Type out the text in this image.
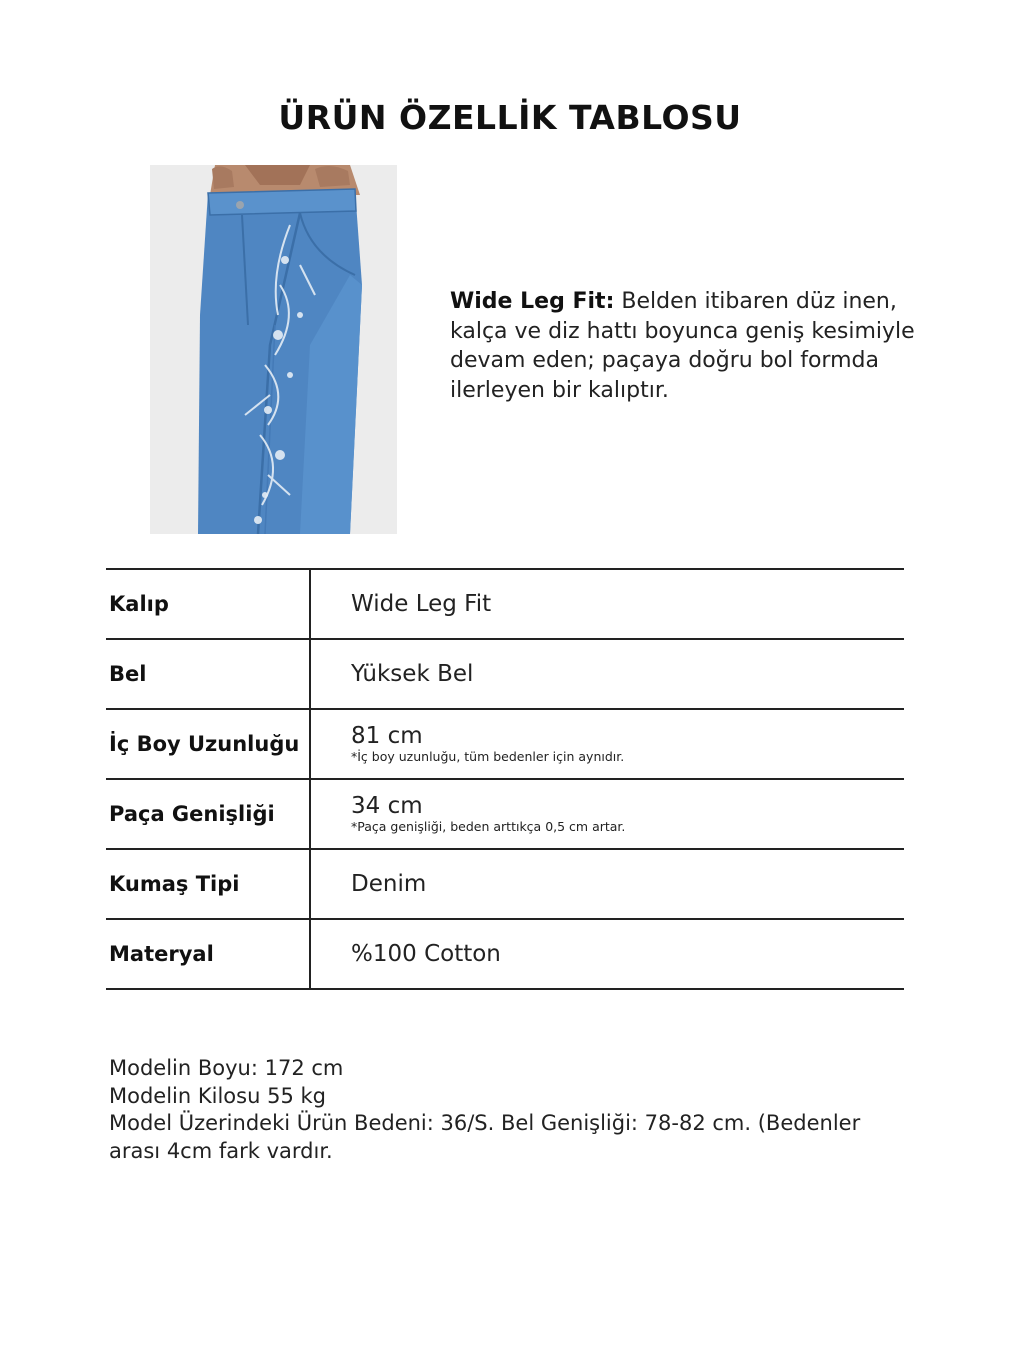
ÜRÜN ÖZELLİK TABLOSU
Wide Leg Fit: Belden itibaren düz inen, kalça ve diz hattı boyunca geniş kesimiyle devam eden; paçaya doğru bol formda ilerleyen bir kalıptır.
Kalıp	Wide Leg Fit

Bel	Yüksek Bel

İç Boy Uzunluğu	81 cm
*İç boy uzunluğu, tüm bedenler için aynıdır.

Paça Genişliği	34 cm
*Paça genişliği, beden arttıkça 0,5 cm artar.

Kumaş Tipi	Denim

Materyal	%100 Cotton
Modelin Boyu: 172 cm
Modelin Kilosu 55 kg
Model Üzerindeki Ürün Bedeni: 36/S. Bel Genişliği: 78-82 cm. (Bedenler
arası 4cm fark vardır.
